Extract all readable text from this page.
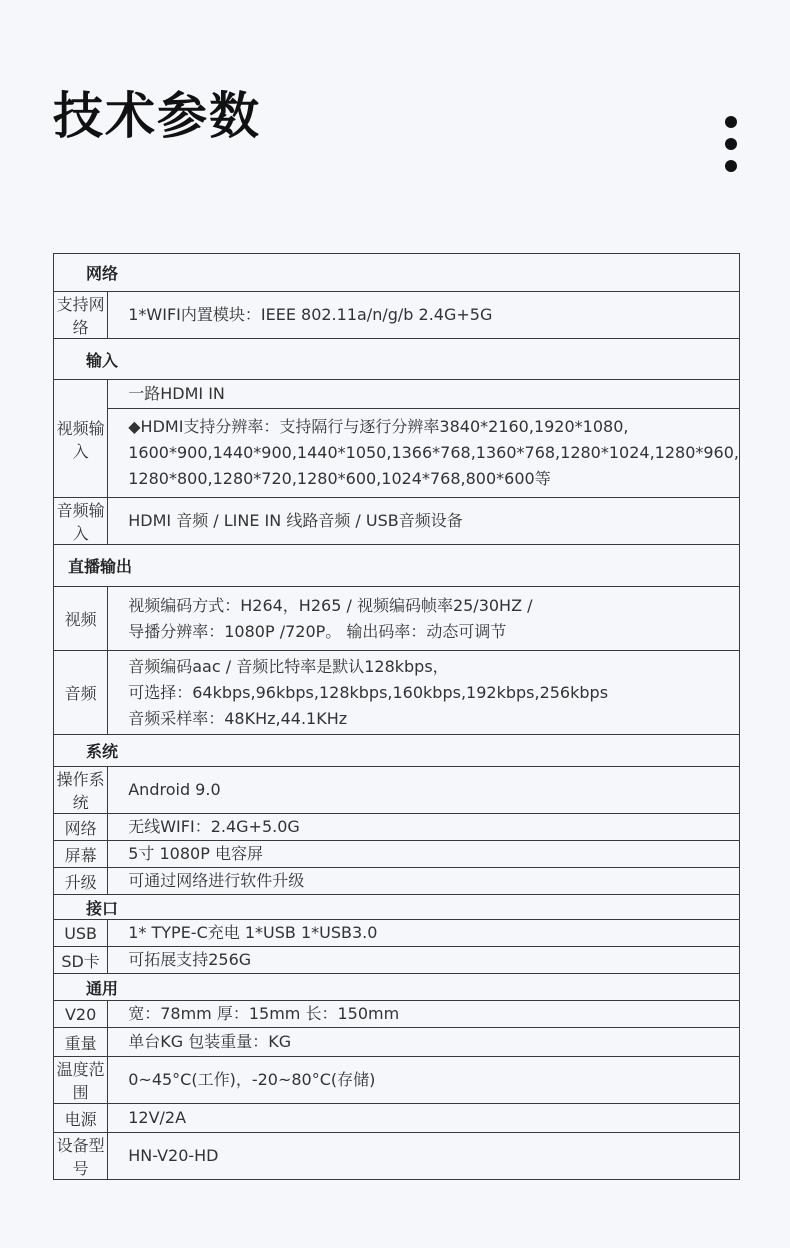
技术参数
网络	
支持网络	1*WIFI内置模块：IEEE 802.11a/n/g/b 2.4G+5G
输入	
视频输入	一路HDMI IN

	◆HDMI支持分辨率：支持隔行与逐行分辨率3840*2160,1920*1080,
1600*900,1440*900,1440*1050,1366*768,1360*768,1280*1024,1280*960,
1280*800,1280*720,1280*600,1024*768,800*600等

音频输入	HDMI 音频 / LINE IN 线路音频 / USB音频设备
直播输出	
视频	视频编码方式：H264，H265 / 视频编码帧率25/30HZ /
导播分辨率：1080P /720P。 输出码率：动态可调节

音频	音频编码aac / 音频比特率是默认128kbps，
可选择：64kbps,96kbps,128kbps,160kbps,192kbps,256kbps
音频采样率：48KHz,44.1KHz

系统	
操作系统	Android 9.0
网络	无线WIFI：2.4G+5.0G
屏幕	5寸 1080P 电容屏
升级	可通过网络进行软件升级
接口	
USB	1* TYPE-C充电 1*USB 1*USB3.0
SD卡	可拓展支持256G
通用	
V20	宽：78mm 厚：15mm 长：150mm
重量	单台KG 包装重量：KG
温度范围	0~45°C(工作)，-20~80°C(存储)
电源	12V/2A
设备型号	HN-V20-HD
